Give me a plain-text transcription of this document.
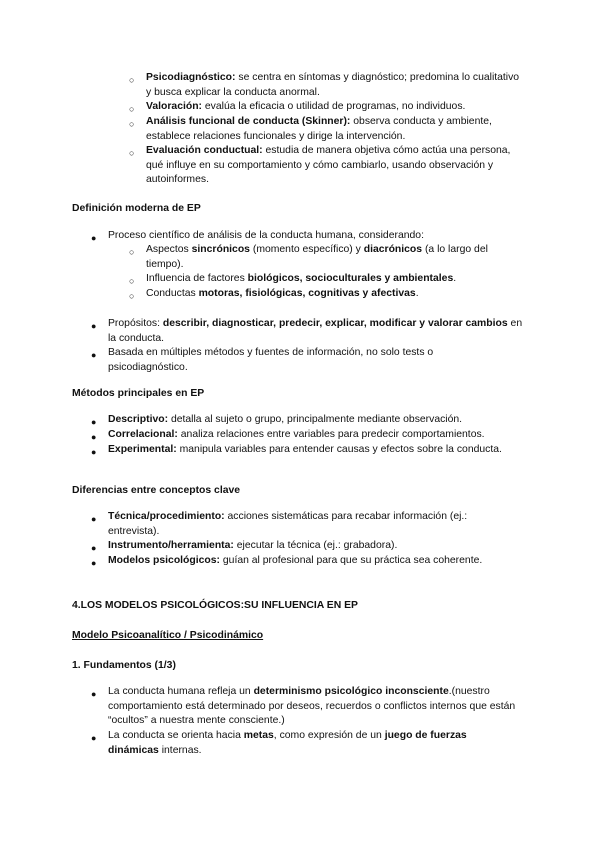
○ Psicodiagnóstico: se centra en síntomas y diagnóstico; predomina lo cualitativo y busca explicar la conducta anormal.
○ Valoración: evalúa la eficacia o utilidad de programas, no individuos.
○ Análisis funcional de conducta (Skinner): observa conducta y ambiente, establece relaciones funcionales y dirige la intervención.
○ Evaluación conductual: estudia de manera objetiva cómo actúa una persona, qué influye en su comportamiento y cómo cambiarlo, usando observación y autoinformes.
Definición moderna de EP
● Proceso científico de análisis de la conducta humana, considerando:
○ Aspectos sincrónicos (momento específico) y diacrónicos (a lo largo del tiempo).
○ Influencia de factores biológicos, socioculturales y ambientales.
○ Conductas motoras, fisiológicas, cognitivas y afectivas.
● Propósitos: describir, diagnosticar, predecir, explicar, modificar y valorar cambios en la conducta.
● Basada en múltiples métodos y fuentes de información, no solo tests o psicodiagnóstico.
Métodos principales en EP
● Descriptivo: detalla al sujeto o grupo, principalmente mediante observación.
● Correlacional: analiza relaciones entre variables para predecir comportamientos.
● Experimental: manipula variables para entender causas y efectos sobre la conducta.
Diferencias entre conceptos clave
● Técnica/procedimiento: acciones sistemáticas para recabar información (ej.: entrevista).
● Instrumento/herramienta: ejecutar la técnica (ej.: grabadora).
● Modelos psicológicos: guían al profesional para que su práctica sea coherente.
4.LOS MODELOS PSICOLÓGICOS:SU INFLUENCIA EN EP
Modelo Psicoanalítico / Psicodinámico
1. Fundamentos (1/3)
● La conducta humana refleja un determinismo psicológico inconsciente.(nuestro comportamiento está determinado por deseos, recuerdos o conflictos internos que están “ocultos” a nuestra mente consciente.)
● La conducta se orienta hacia metas, como expresión de un juego de fuerzas dinámicas internas.
